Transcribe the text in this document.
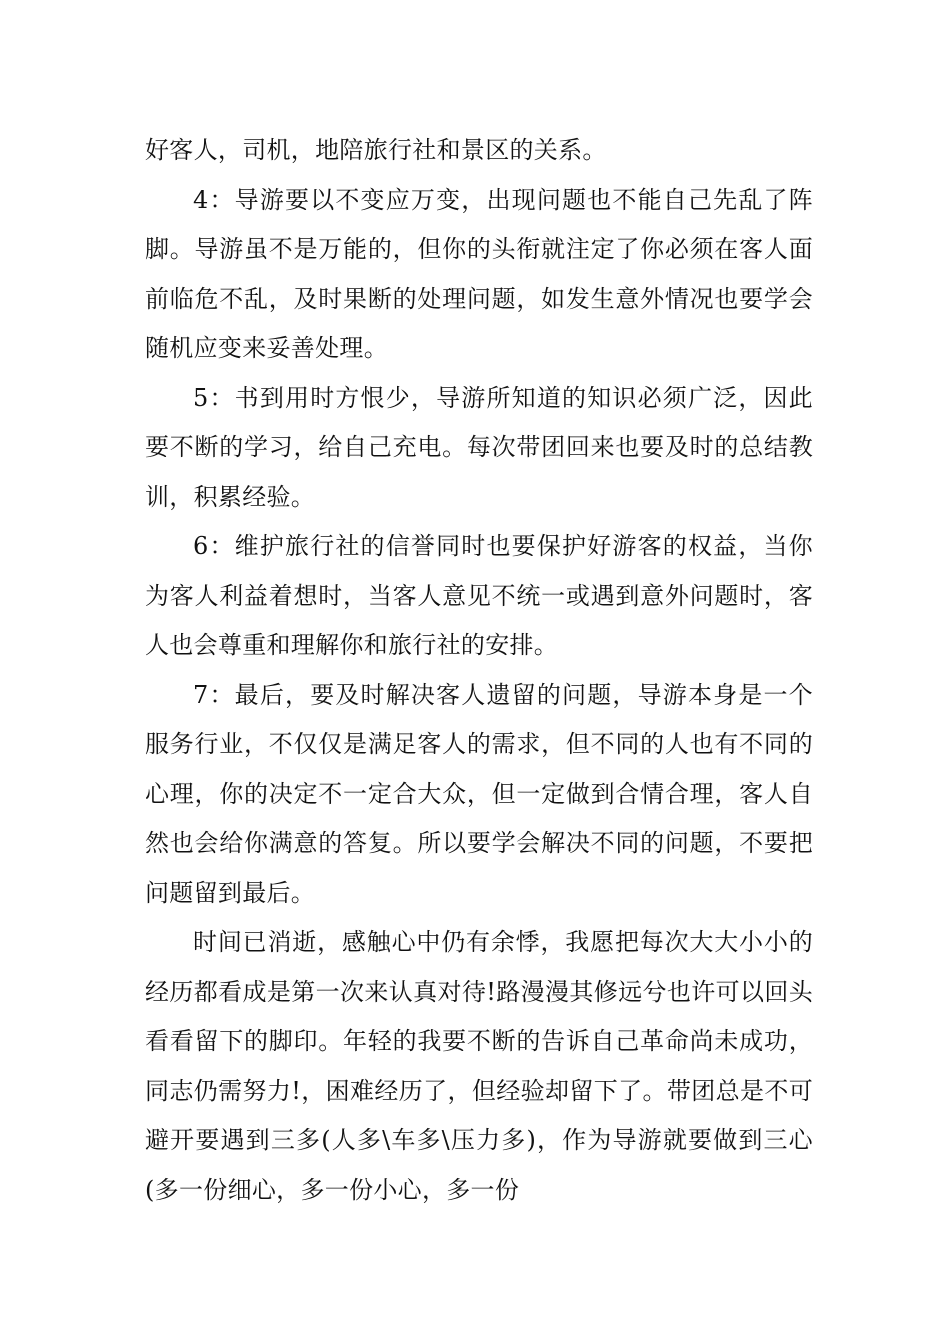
好客人，司机，地陪旅行社和景区的关系。

4：导游要以不变应万变，出现问题也不能自己先乱了阵脚。导游虽不是万能的，但你的头衔就注定了你必须在客人面前临危不乱，及时果断的处理问题，如发生意外情况也要学会随机应变来妥善处理。

5：书到用时方恨少，导游所知道的知识必须广泛，因此要不断的学习，给自己充电。每次带团回来也要及时的总结教训，积累经验。

6：维护旅行社的信誉同时也要保护好游客的权益，当你为客人利益着想时，当客人意见不统一或遇到意外问题时，客人也会尊重和理解你和旅行社的安排。

7：最后，要及时解决客人遗留的问题，导游本身是一个服务行业，不仅仅是满足客人的需求，但不同的人也有不同的心理，你的决定不一定合大众，但一定做到合情合理，客人自然也会给你满意的答复。所以要学会解决不同的问题，不要把问题留到最后。

时间已消逝，感触心中仍有余悸，我愿把每次大大小小的经历都看成是第一次来认真对待!路漫漫其修远兮也许可以回头看看留下的脚印。年轻的我要不断的告诉自己革命尚未成功，同志仍需努力!，困难经历了，但经验却留下了。带团总是不可避开要遇到三多(人多\车多\压力多)，作为导游就要做到三心(多一份细心，多一份小心，多一份
